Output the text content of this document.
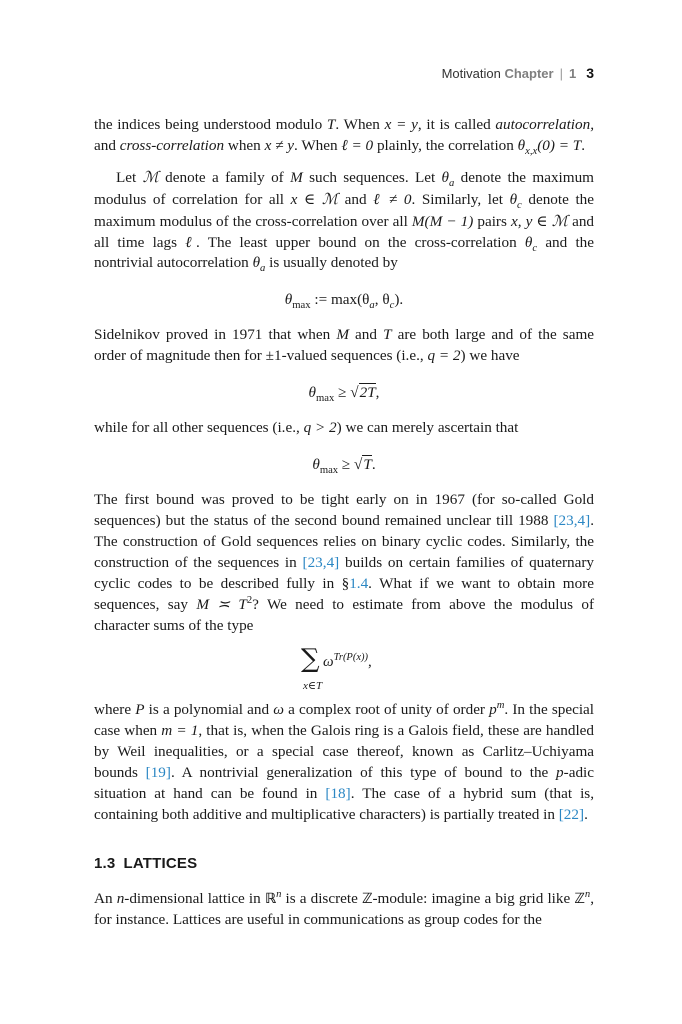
Motivation Chapter | 1 3

the indices being understood modulo T. When x = y, it is called autocorrelation, and cross-correlation when x ≠ y. When ℓ = 0 plainly, the correlation $\theta_{x,x}(0) = T$.

Let ℳ denote a family of M such sequences. Let $\theta_a$ denote the maximum modulus of correlation for all x ∈ ℳ and ℓ ≠ 0. Similarly, let $\theta_c$ denote the maximum modulus of the cross-correlation over all M(M − 1) pairs x, y ∈ ℳ and all time lags ℓ. The least upper bound on the cross-correlation $\theta_c$ and the nontrivial autocorrelation $\theta_a$ is usually denoted by

$\theta_{max}$ := $\max(\theta_a$, $\theta_c$).

Sidelnikov proved in 1971 that when M and T are both large and of the same order of magnitude then for ±1-valued sequences (i.e., q = 2) we have

$\theta_{max} \ge √2T$,

while for all other sequences (i.e., q > 2) we can merely ascertain that

$\theta_{max} \ge √T$.

The first bound was proved to be tight early on in 1967 (for so-called Gold sequences) but the status of the second bound remained unclear till 1988 [23,4]. The construction of Gold sequences relies on binary cyclic codes. Similarly, the construction of the sequences in [23,4] builds on certain families of quaternary cyclic codes to be described fully in §1.4. What if we want to obtain more sequences, say M ≍ $T^2$? We need to estimate from above the modulus of character sums of the type

∑
x∈T
$\omega^{Tr(P(x))}$,

where P is a polynomial and ω a complex root of unity of order $p^m$. In the special case when m = 1, that is, when the Galois ring is a Galois field, these are handled by Weil inequalities, or a special case thereof, known as Carlitz–Uchiyama bounds [19]. A nontrivial generalization of this type of bound to the p-adic situation at hand can be found in [18]. The case of a hybrid sum (that is, containing both additive and multiplicative characters) is partially treated in [22].

1.3 LATTICES

An n-dimensional lattice in ℝ$^n$ is a discrete ℤ-module: imagine a big grid like ℤ$^n$, for instance. Lattices are useful in communications as group codes for the
